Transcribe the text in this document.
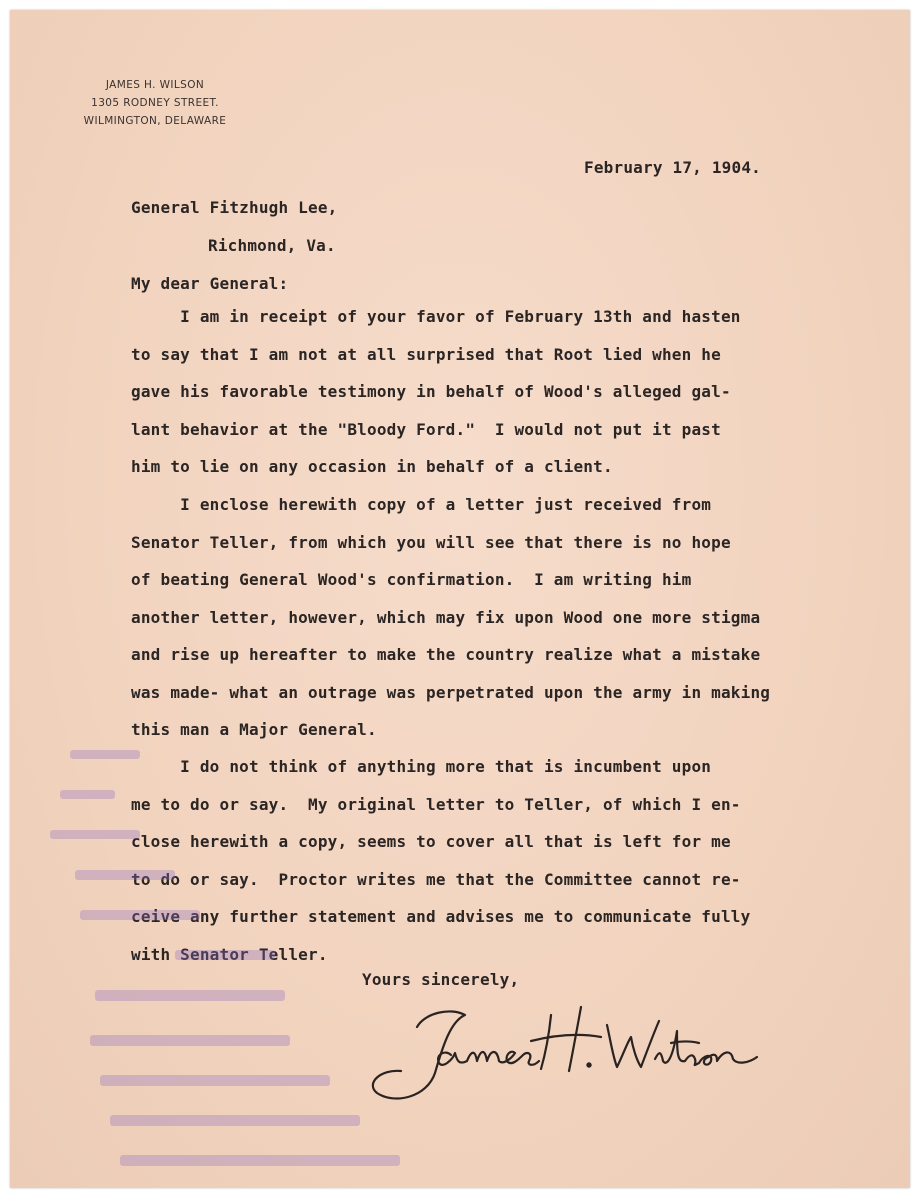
JAMES H. WILSON
1305 RODNEY STREET.
WILMINGTON, DELAWARE
February 17, 1904.
General Fitzhugh Lee,
Richmond, Va.
My dear General:
I am in receipt of your favor of February 13th and hasten
to say that I am not at all surprised that Root lied when he
gave his favorable testimony in behalf of Wood's alleged gal-
lant behavior at the "Bloody Ford."  I would not put it past
him to lie on any occasion in behalf of a client.
I enclose herewith copy of a letter just received from
Senator Teller, from which you will see that there is no hope
of beating General Wood's confirmation.  I am writing him
another letter, however, which may fix upon Wood one more stigma
and rise up hereafter to make the country realize what a mistake
was made- what an outrage was perpetrated upon the army in making
this man a Major General.
I do not think of anything more that is incumbent upon
me to do or say.  My original letter to Teller, of which I en-
close herewith a copy, seems to cover all that is left for me
to do or say.  Proctor writes me that the Committee cannot re-
ceive any further statement and advises me to communicate fully
with Senator Teller.
Yours sincerely,
